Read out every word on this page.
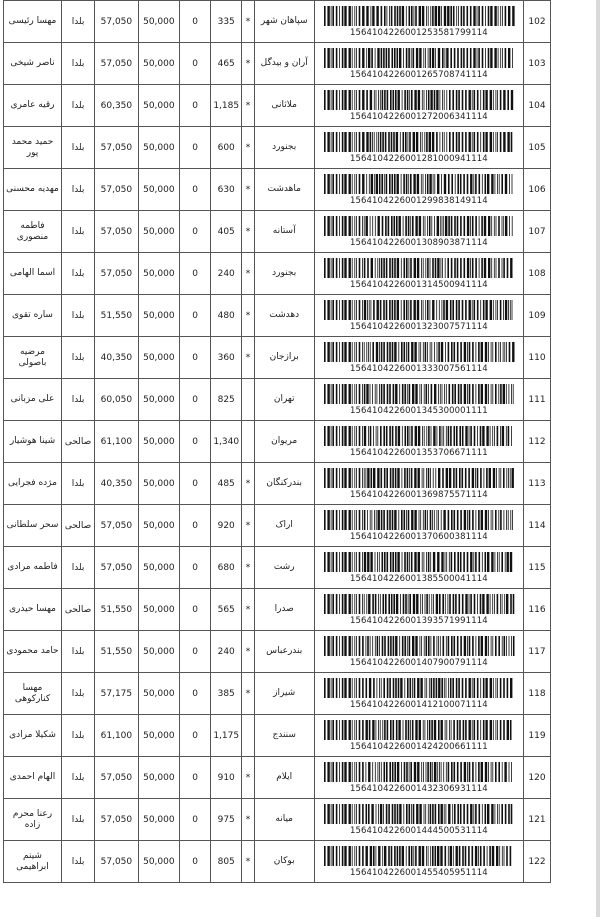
مهسا رئیسی	بلدا	57,050	50,000	0	335	*	سپاهان شهر	1564104226001253581799114	102
ناصر شیخی	بلدا	57,050	50,000	0	465	*	آران و بیدگل	1564104226001265708741114	103
رقیه عامری	بلدا	60,350	50,000	0	1,185	*	ملاثانی	1564104226001272006341114	104
حمید محمد پور	بلدا	57,050	50,000	0	600	*	بجنورد	1564104226001281000941114	105
مهدیه محسنی	بلدا	57,050	50,000	0	630	*	ماهدشت	1564104226001299838149114	106
فاطمه منصوری	بلدا	57,050	50,000	0	405	*	آستانه	1564104226001308903871114	107
اسما الهامی	بلدا	57,050	50,000	0	240	*	بجنورد	1564104226001314500941114	108
ساره تقوی	بلدا	51,550	50,000	0	480	*	دهدشت	1564104226001323007571114	109
مرضیه باصولی	بلدا	40,350	50,000	0	360	*	برازجان	1564104226001333007561114	110
علی مزبانی	بلدا	60,050	50,000	0	825		تهران	1564104226001345300001111	111
شینا هوشیار	صالحی	61,100	50,000	0	1,340		مریوان	1564104226001353706671111	112
مژده فجرایی	بلدا	40,350	50,000	0	485	*	بندرکنگان	1564104226001369875571114	113
سحر سلطانی	صالحی	57,050	50,000	0	920	*	اراک	1564104226001370600381114	114
فاطمه مرادی	بلدا	57,050	50,000	0	680	*	رشت	1564104226001385500041114	115
مهسا حیدری	صالحی	51,550	50,000	0	565	*	صدرا	1564104226001393571991114	116
حامد محمودی	بلدا	51,550	50,000	0	240	*	بندرعباس	1564104226001407900791114	117
مهسا کنارکوهی	بلدا	57,175	50,000	0	385	*	شیراز	1564104226001412100071114	118
شکیلا مرادی	بلدا	61,100	50,000	0	1,175		سنندج	1564104226001424200661111	119
الهام احمدی	بلدا	57,050	50,000	0	910	*	ایلام	1564104226001432306931114	120
رعنا محرم زاده	بلدا	57,050	50,000	0	975	*	میانه	1564104226001444500531114	121
شینم ابراهیمی	بلدا	57,050	50,000	0	805	*	بوکان	1564104226001455405951114	122
